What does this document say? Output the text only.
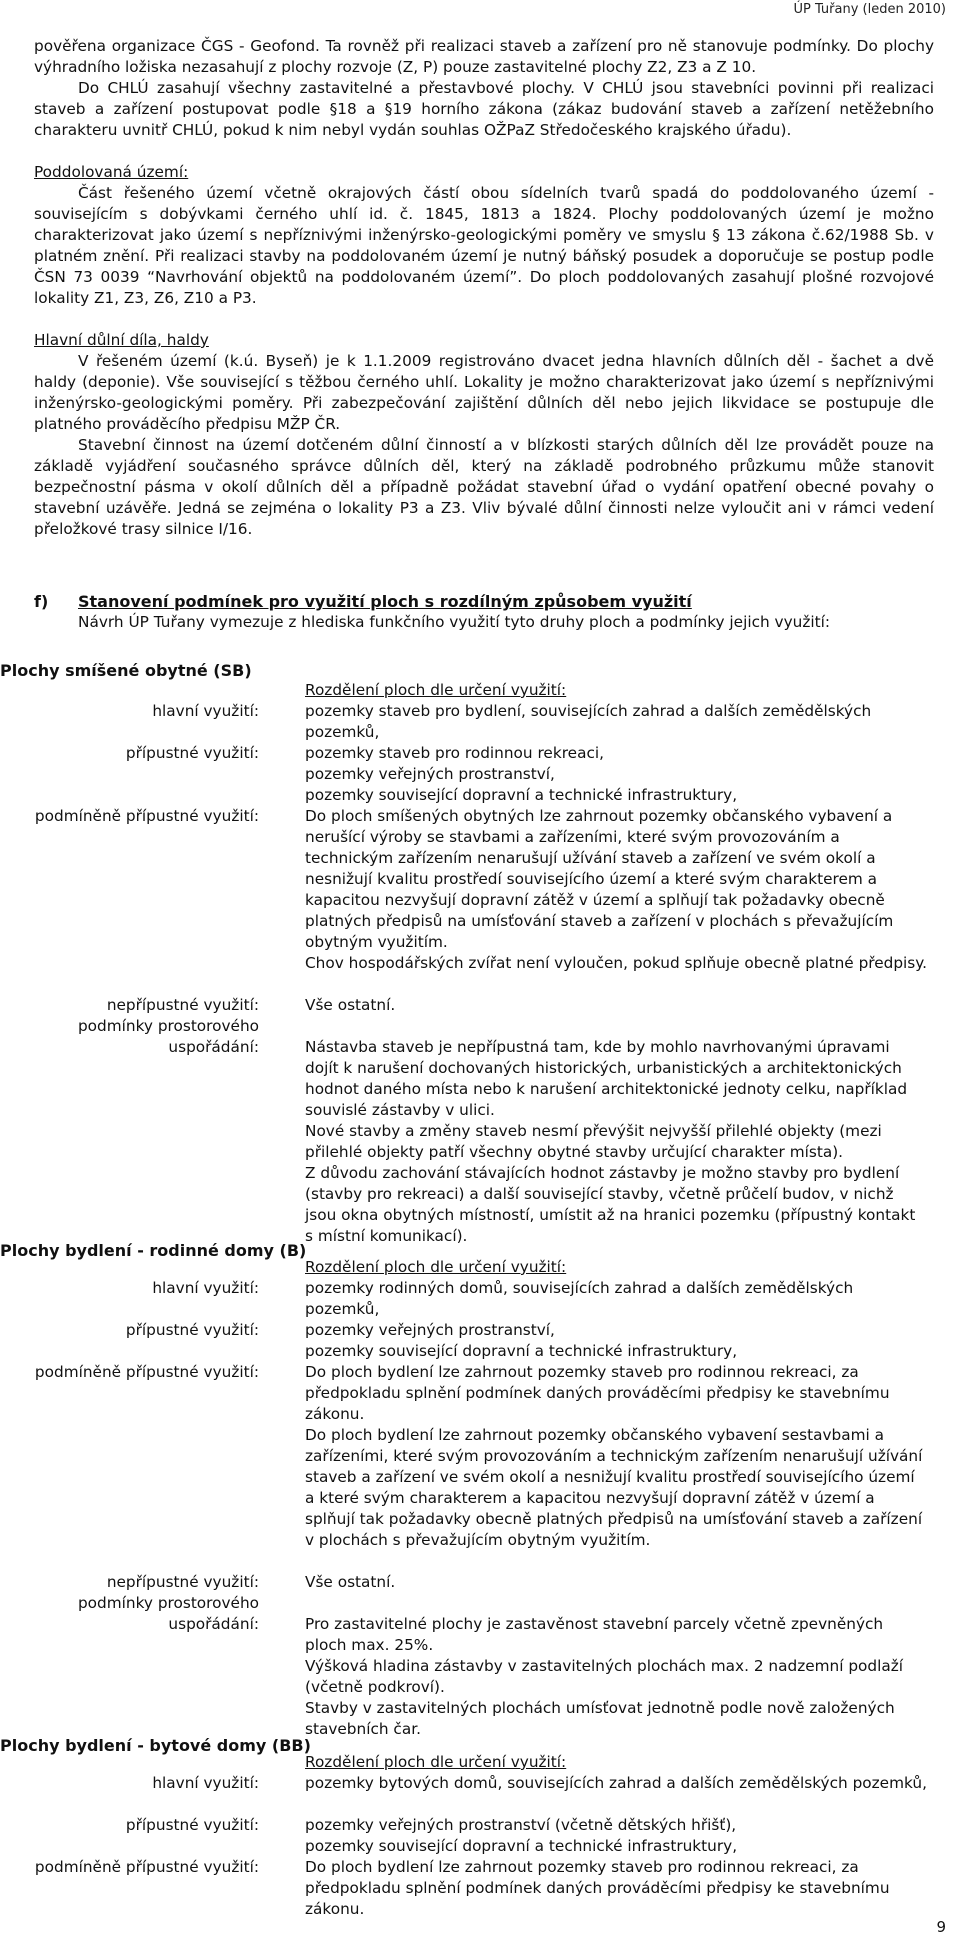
ÚP Tuřany (leden 2010)

pověřena organizace ČGS - Geofond. Ta rovněž při realizaci staveb a zařízení pro ně stanovuje podmínky. Do plochy výhradního ložiska nezasahují z plochy rozvoje (Z, P) pouze zastavitelné plochy Z2, Z3 a Z 10.

Do CHLÚ zasahují všechny zastavitelné a přestavbové plochy. V CHLÚ jsou stavebníci povinni při realizaci staveb a zařízení postupovat podle §18 a §19 horního zákona (zákaz budování staveb a zařízení netěžebního charakteru uvnitř CHLÚ, pokud k nim nebyl vydán souhlas OŽPaZ Středočeského krajského úřadu).

Poddolovaná území:

Část řešeného území včetně okrajových částí obou sídelních tvarů spadá do poddolovaného území - souvisejícím s dobývkami černého uhlí id. č. 1845, 1813 a 1824. Plochy poddolovaných území je možno charakterizovat jako území s nepříznivými inženýrsko-geologickými poměry ve smyslu § 13 zákona č.62/1988 Sb. v platném znění. Při realizaci stavby na poddolovaném území je nutný báňský posudek a doporučuje se postup podle ČSN 73 0039 “Navrhování objektů na poddolovaném území”. Do ploch poddolovaných zasahují plošné rozvojové lokality Z1, Z3, Z6, Z10 a P3.

Hlavní důlní díla, haldy

V řešeném území (k.ú. Byseň) je k 1.1.2009 registrováno dvacet jedna hlavních důlních děl - šachet a dvě haldy (deponie). Vše související s těžbou černého uhlí. Lokality je možno charakterizovat jako území s nepříznivými inženýrsko-geologickými poměry. Při zabezpečování zajištění důlních děl nebo jejich likvidace se postupuje dle platného prováděcího předpisu MŽP ČR.

Stavební činnost na území dotčeném důlní činností a v blízkosti starých důlních děl lze provádět pouze na základě vyjádření současného správce důlních děl, který na základě podrobného průzkumu může stanovit bezpečnostní pásma v okolí důlních děl a případně požádat stavební úřad o vydání opatření obecné povahy o stavební uzávěře. Jedná se zejména o lokality P3 a Z3. Vliv bývalé důlní činnosti nelze vyloučit ani v rámci vedení přeložkové trasy silnice I/16.

f) Stanovení podmínek pro využití ploch s rozdílným způsobem využití
Návrh ÚP Tuřany vymezuje z hlediska funkčního využití tyto druhy ploch a podmínky jejich využití:
Plochy smíšené obytné (SB)
Rozdělení ploch dle určení využití:
hlavní využití:	pozemky staveb pro bydlení, souvisejících zahrad a dalších zemědělských pozemků,
přípustné využití:	pozemky staveb pro rodinnou rekreaci,

pozemky veřejných prostranství,

pozemky související dopravní a technické infrastruktury,

podmíněně přípustné využití:	Do ploch smíšených obytných lze zahrnout pozemky občanského vybavení a nerušící výroby se stavbami a zařízeními, které svým provozováním a technickým zařízením nenarušují užívání staveb a zařízení ve svém okolí a nesnižují kvalitu prostředí souvisejícího území a které svým charakterem a kapacitou nezvyšují dopravní zátěž v území a splňují tak požadavky obecně platných předpisů na umísťování staveb a zařízení v plochách s převažujícím obytným využitím.

Chov hospodářských zvířat není vyloučen, pokud splňuje obecně platné předpisy.

nepřípustné využití:	Vše ostatní.
podmínky prostorového
uspořádání:	Nástavba staveb je nepřípustná tam, kde by mohlo navrhovanými úpravami dojít k narušení dochovaných historických, urbanistických a architektonických hodnot daného místa nebo k narušení architektonické jednoty celku, například souvislé zástavby v ulici.

Nové stavby a změny staveb nesmí převýšit nejvyšší přilehlé objekty (mezi přilehlé objekty patří všechny obytné stavby určující charakter místa).

Z důvodu zachování stávajících hodnot zástavby je možno stavby pro bydlení (stavby pro rekreaci) a další související stavby, včetně průčelí budov, v nichž jsou okna obytných místností, umístit až na hranici pozemku (přípustný kontakt s místní komunikací).

Plochy bydlení - rodinné domy (B)
Rozdělení ploch dle určení využití:
hlavní využití:	pozemky rodinných domů, souvisejících zahrad a dalších zemědělských pozemků,
přípustné využití:	pozemky veřejných prostranství,

pozemky související dopravní a technické infrastruktury,

podmíněně přípustné využití:	Do ploch bydlení lze zahrnout pozemky staveb pro rodinnou rekreaci, za předpokladu splnění podmínek daných prováděcími předpisy ke stavebnímu zákonu.

Do ploch bydlení lze zahrnout pozemky občanského vybavení sestavbami a zařízeními, které svým provozováním a technickým zařízením nenarušují užívání staveb a zařízení ve svém okolí a nesnižují kvalitu prostředí souvisejícího území a které svým charakterem a kapacitou nezvyšují dopravní zátěž v území a splňují tak požadavky obecně platných předpisů na umísťování staveb a zařízení v plochách s převažujícím obytným využitím.

nepřípustné využití:	Vše ostatní.
podmínky prostorového
uspořádání:	Pro zastavitelné plochy je zastavěnost stavební parcely včetně zpevněných ploch max. 25%.

Výšková hladina zástavby v zastavitelných plochách max. 2 nadzemní podlaží (včetně podkroví).

Stavby v zastavitelných plochách umísťovat jednotně podle nově založených stavebních čar.

Plochy bydlení - bytové domy (BB)
Rozdělení ploch dle určení využití:
hlavní využití:	pozemky bytových domů, souvisejících zahrad a dalších zemědělských pozemků,
přípustné využití:	pozemky veřejných prostranství (včetně dětských hřišť),

pozemky související dopravní a technické infrastruktury,

podmíněně přípustné využití:	Do ploch bydlení lze zahrnout pozemky staveb pro rodinnou rekreaci, za předpokladu splnění podmínek daných prováděcími předpisy ke stavebnímu zákonu.
9
